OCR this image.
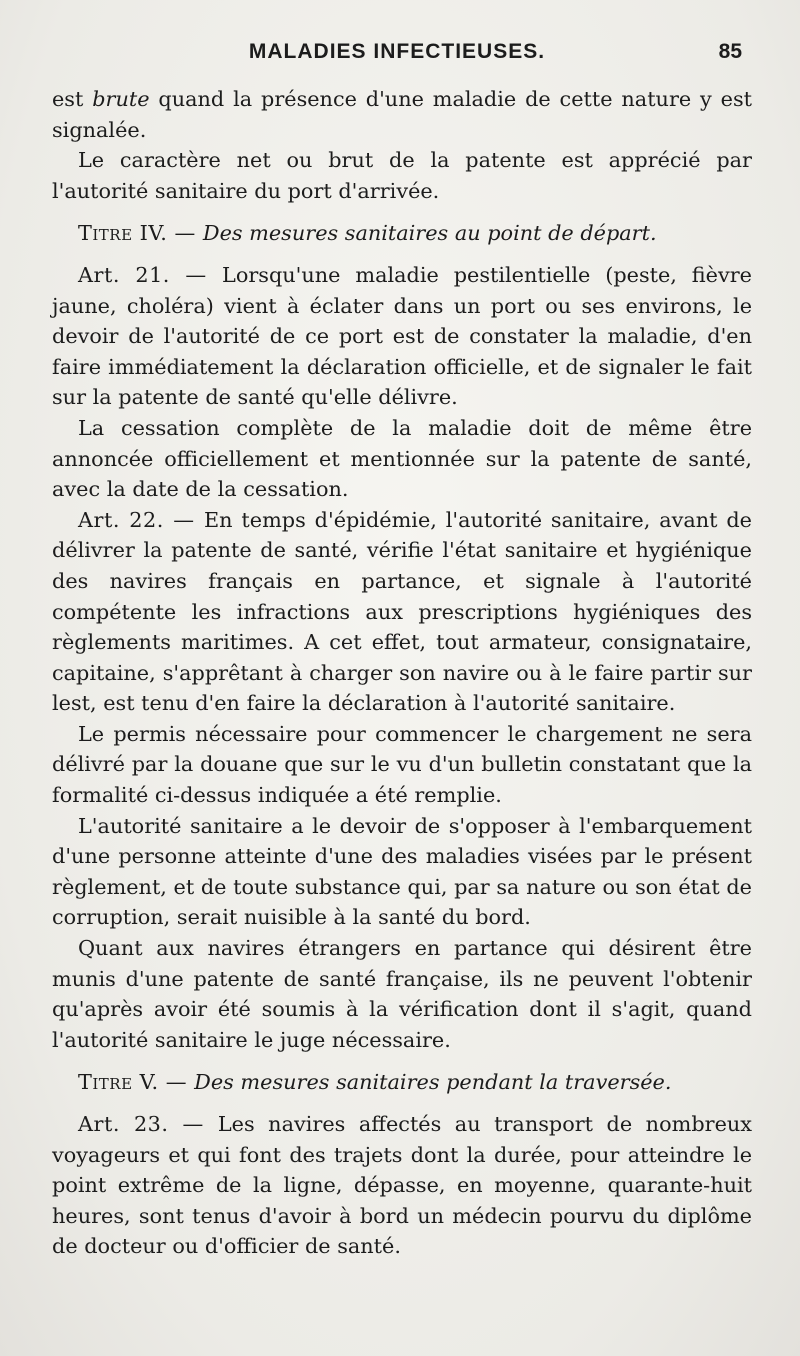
MALADIES INFECTIEUSES.	85

est brute quand la présence d'une maladie de cette nature y est signalée.

Le caractère net ou brut de la patente est apprécié par l'autorité sanitaire du port d'arrivée.

Titre IV. — Des mesures sanitaires au point de départ.

Art. 21. — Lorsqu'une maladie pestilentielle (peste, fièvre jaune, choléra) vient à éclater dans un port ou ses environs, le devoir de l'autorité de ce port est de constater la maladie, d'en faire immédiatement la déclaration officielle, et de signaler le fait sur la patente de santé qu'elle délivre.

La cessation complète de la maladie doit de même être annoncée officiellement et mentionnée sur la patente de santé, avec la date de la cessation.

Art. 22. — En temps d'épidémie, l'autorité sanitaire, avant de délivrer la patente de santé, vérifie l'état sanitaire et hygiénique des navires français en partance, et signale à l'autorité compétente les infractions aux prescriptions hygiéniques des règlements maritimes. A cet effet, tout armateur, consignataire, capitaine, s'apprêtant à charger son navire ou à le faire partir sur lest, est tenu d'en faire la déclaration à l'autorité sanitaire.

Le permis nécessaire pour commencer le chargement ne sera délivré par la douane que sur le vu d'un bulletin constatant que la formalité ci-dessus indiquée a été remplie.

L'autorité sanitaire a le devoir de s'opposer à l'embarquement d'une personne atteinte d'une des maladies visées par le présent règlement, et de toute substance qui, par sa nature ou son état de corruption, serait nuisible à la santé du bord.

Quant aux navires étrangers en partance qui désirent être munis d'une patente de santé française, ils ne peuvent l'obtenir qu'après avoir été soumis à la vérification dont il s'agit, quand l'autorité sanitaire le juge nécessaire.

Titre V. — Des mesures sanitaires pendant la traversée.

Art. 23. — Les navires affectés au transport de nombreux voyageurs et qui font des trajets dont la durée, pour atteindre le point extrême de la ligne, dépasse, en moyenne, quarante-huit heures, sont tenus d'avoir à bord un médecin pourvu du diplôme de docteur ou d'officier de santé.
